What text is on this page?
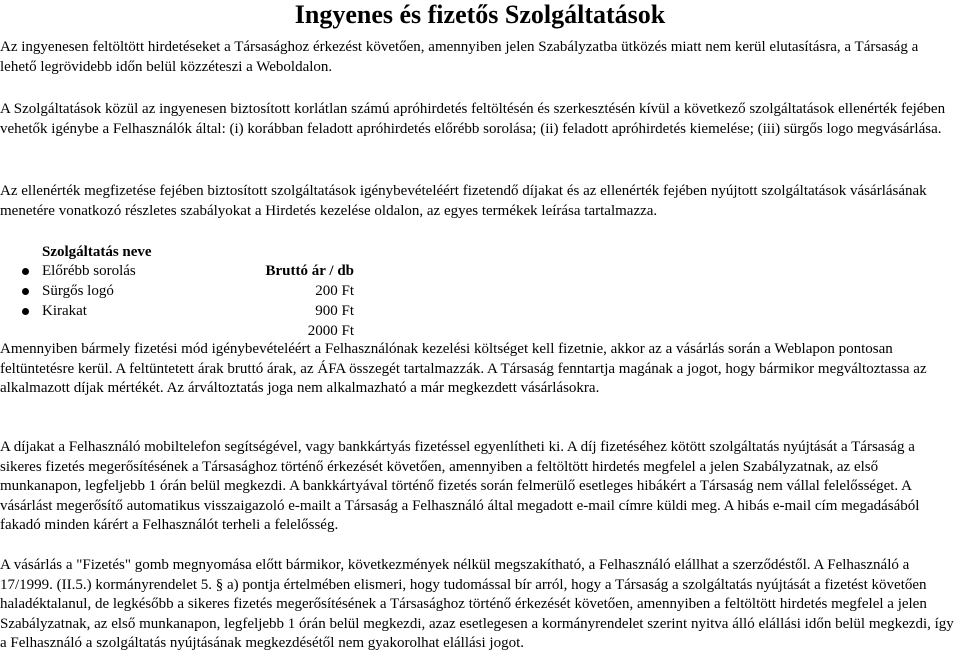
Ingyenes és fizetős Szolgáltatások

Az ingyenesen feltöltött hirdetéseket a Társasághoz érkezést követően, amennyiben jelen Szabályzatba ütközés miatt nem kerül elutasításra, a Társaság a lehető legrövidebb időn belül közzéteszi a Weboldalon.

A Szolgáltatások közül az ingyenesen biztosított korlátlan számú apróhirdetés feltöltésén és szerkesztésén kívül a következő szolgáltatások ellenérték fejében vehetők igénybe a Felhasználók által: (i) korábban feladott apróhirdetés előrébb sorolása; (ii) feladott apróhirdetés kiemelése; (iii) sürgős logo megvásárlása.

Az ellenérték megfizetése fejében biztosított szolgáltatások igénybevételéért fizetendő díjakat és az ellenérték fejében nyújtott szolgáltatások vásárlásának menetére vonatkozó részletes szabályokat a Hirdetés kezelése oldalon, az egyes termékek leírása tartalmazza.

Szolgáltatás neve

Előrébb sorolás
Sürgős logó
Kirakat
Bruttó ár / db
200 Ft
900 Ft
2000 Ft

Amennyiben bármely fizetési mód igénybevételéért a Felhasználónak kezelési költséget kell fizetnie, akkor az a vásárlás során a Weblapon pontosan feltüntetésre kerül. A feltüntetett árak bruttó árak, az ÁFA összegét tartalmazzák. A Társaság fenntartja magának a jogot, hogy bármikor megváltoztassa az alkalmazott díjak mértékét. Az árváltoztatás joga nem alkalmazható a már megkezdett vásárlásokra.

A díjakat a Felhasználó mobiltelefon segítségével, vagy bankkártyás fizetéssel egyenlítheti ki. A díj fizetéséhez kötött szolgáltatás nyújtását a Társaság a sikeres fizetés megerősítésének a Társasághoz történő érkezését követően, amennyiben a feltöltött hirdetés megfelel a jelen Szabályzatnak, az első munkanapon, legfeljebb 1 órán belül megkezdi. A bankkártyával történő fizetés során felmerülő esetleges hibákért a Társaság nem vállal felelősséget. A vásárlást megerősítő automatikus visszaigazoló e-mailt a Társaság a Felhasználó által megadott e-mail címre küldi meg. A hibás e-mail cím megadásából fakadó minden kárért a Felhasználót terheli a felelősség.

A vásárlás a "Fizetés" gomb megnyomása előtt bármikor, következmények nélkül megszakítható, a Felhasználó elállhat a szerződéstől. A Felhasználó a 17/1999. (II.5.) kormányrendelet 5. § a) pontja értelmében elismeri, hogy tudomással bír arról, hogy a Társaság a szolgáltatás nyújtását a fizetést követően haladéktalanul, de legkésőbb a sikeres fizetés megerősítésének a Társasághoz történő érkezését követően, amennyiben a feltöltött hirdetés megfelel a jelen Szabályzatnak, az első munkanapon, legfeljebb 1 órán belül megkezdi, azaz esetlegesen a kormányrendelet szerint nyitva álló elállási időn belül megkezdi, így a Felhasználó a szolgáltatás nyújtásának megkezdésétől nem gyakorolhat elállási jogot.
